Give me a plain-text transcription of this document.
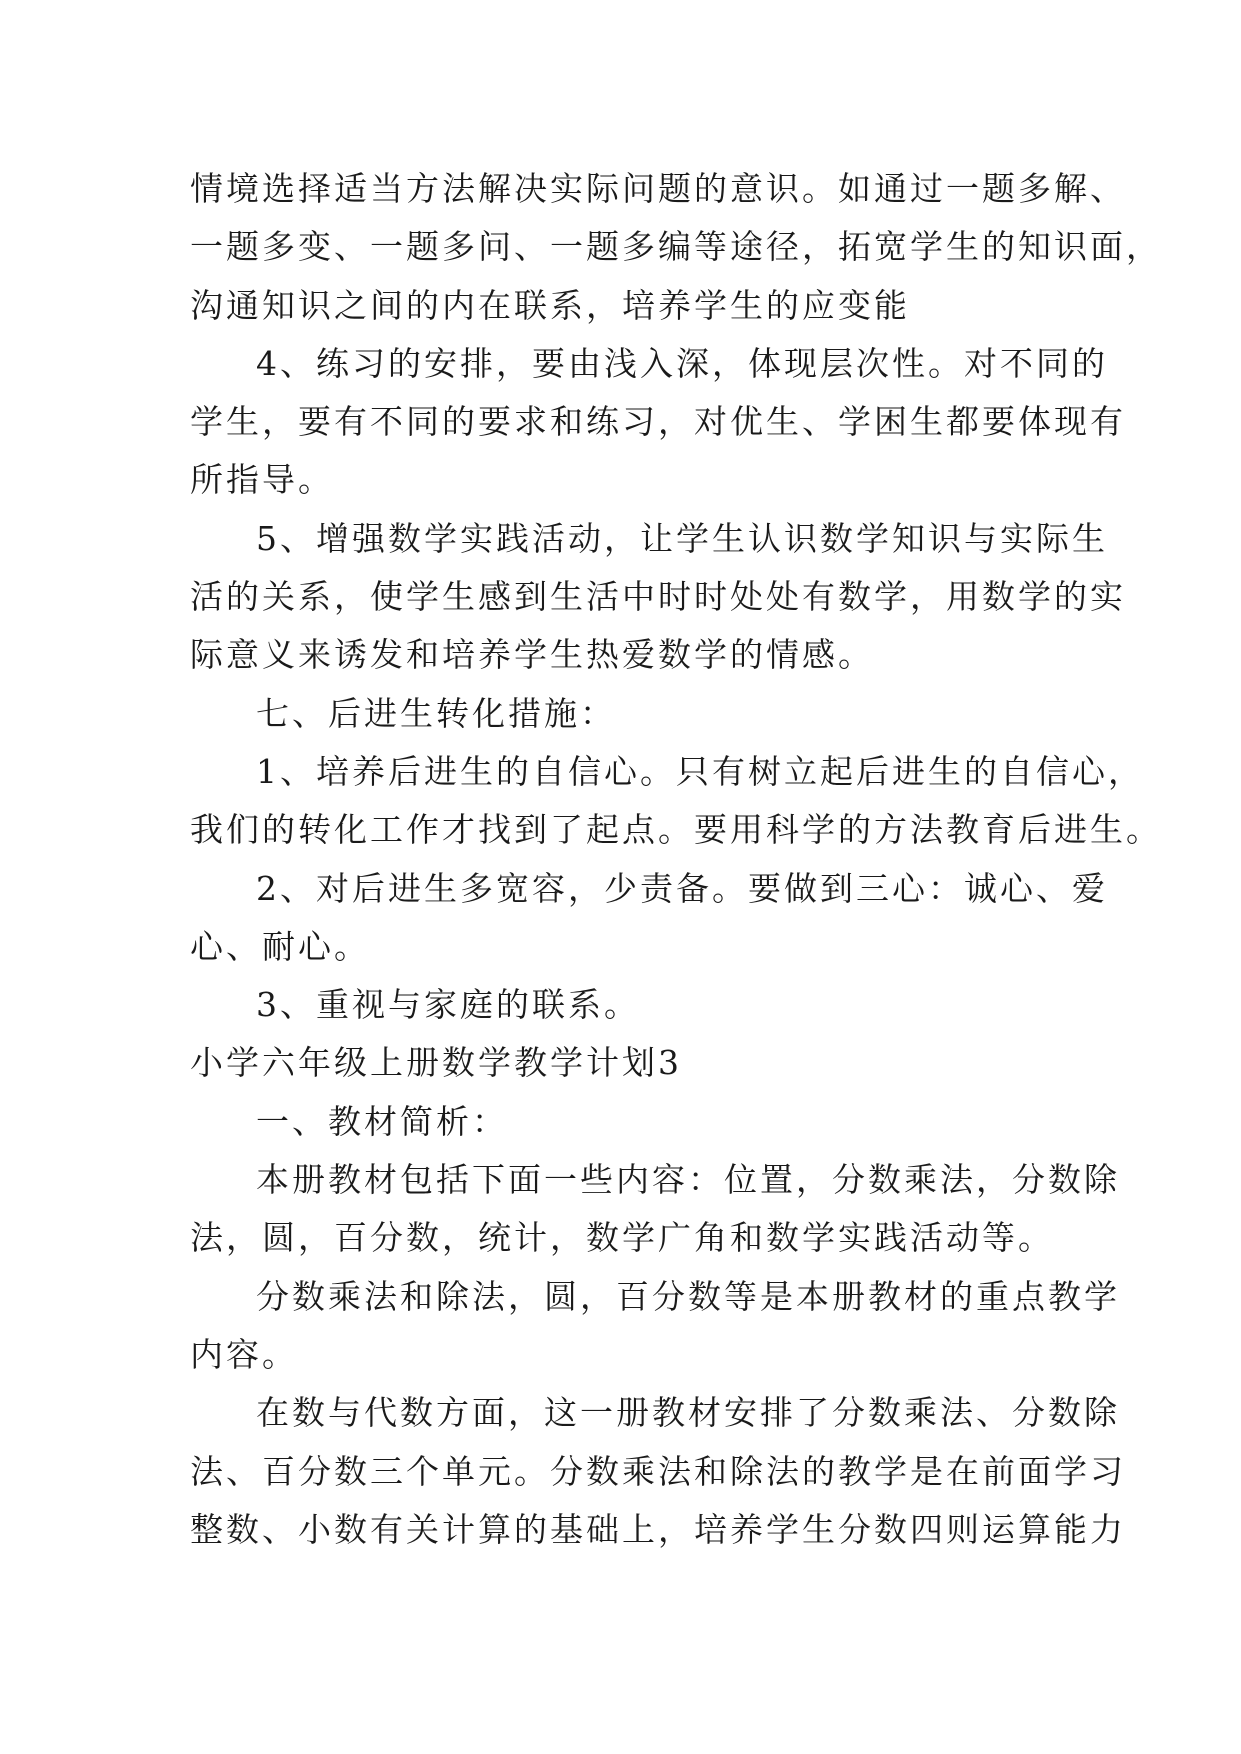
情境选择适当方法解决实际问题的意识。如通过一题多解、

一题多变、一题多问、一题多编等途径，拓宽学生的知识面，

沟通知识之间的内在联系，培养学生的应变能

4、练习的安排，要由浅入深，体现层次性。对不同的

学生，要有不同的要求和练习，对优生、学困生都要体现有

所指导。

5、增强数学实践活动，让学生认识数学知识与实际生

活的关系，使学生感到生活中时时处处有数学，用数学的实

际意义来诱发和培养学生热爱数学的情感。

七、后进生转化措施：

1、培养后进生的自信心。只有树立起后进生的自信心，

我们的转化工作才找到了起点。要用科学的方法教育后进生。

2、对后进生多宽容，少责备。要做到三心：诚心、爱

心、耐心。

3、重视与家庭的联系。

小学六年级上册数学教学计划3

一、教材简析：

本册教材包括下面一些内容：位置，分数乘法，分数除

法，圆，百分数，统计，数学广角和数学实践活动等。

分数乘法和除法，圆，百分数等是本册教材的重点教学

内容。

在数与代数方面，这一册教材安排了分数乘法、分数除

法、百分数三个单元。分数乘法和除法的教学是在前面学习

整数、小数有关计算的基础上，培养学生分数四则运算能力
